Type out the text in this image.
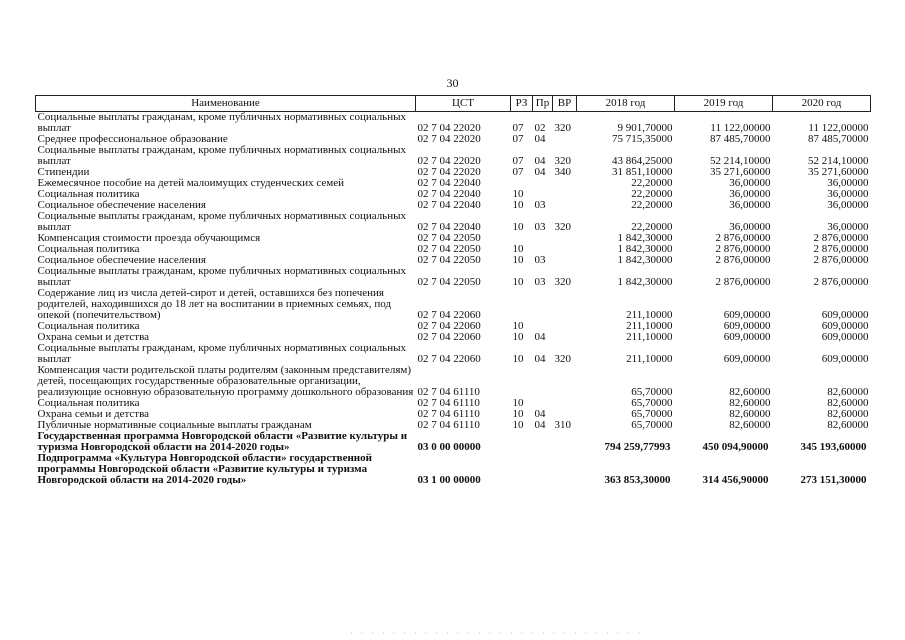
30
Наименование	ЦСТ	РЗ	Пр	ВР	2018 год	2019 год	2020 год
Социальные выплаты гражданам, кроме публичных нормативных социальных выплат	02 7 04 22020	07	02	320	9 901,70000	11 122,00000	11 122,00000
Среднее профессиональное образование	02 7 04 22020	07	04		75 715,35000	87 485,70000	87 485,70000
Социальные выплаты гражданам, кроме публичных нормативных социальных выплат	02 7 04 22020	07	04	320	43 864,25000	52 214,10000	52 214,10000
Стипендии	02 7 04 22020	07	04	340	31 851,10000	35 271,60000	35 271,60000
Ежемесячное пособие на детей малоимущих студенческих семей	02 7 04 22040				22,20000	36,00000	36,00000
Социальная политика	02 7 04 22040	10			22,20000	36,00000	36,00000
Социальное обеспечение населения	02 7 04 22040	10	03		22,20000	36,00000	36,00000
Социальные выплаты гражданам, кроме публичных нормативных социальных выплат	02 7 04 22040	10	03	320	22,20000	36,00000	36,00000
Компенсация стоимости проезда обучающимся	02 7 04 22050				1 842,30000	2 876,00000	2 876,00000
Социальная политика	02 7 04 22050	10			1 842,30000	2 876,00000	2 876,00000
Социальное обеспечение населения	02 7 04 22050	10	03		1 842,30000	2 876,00000	2 876,00000
Социальные выплаты гражданам, кроме публичных нормативных социальных выплат	02 7 04 22050	10	03	320	1 842,30000	2 876,00000	2 876,00000
Содержание лиц из числа детей-сирот и детей, оставшихся без попечения родителей, находившихся до 18 лет на воспитании в приемных семьях, под опекой (попечительством)	02 7 04 22060				211,10000	609,00000	609,00000
Социальная политика	02 7 04 22060	10			211,10000	609,00000	609,00000
Охрана семьи и детства	02 7 04 22060	10	04		211,10000	609,00000	609,00000
Социальные выплаты гражданам, кроме публичных нормативных социальных выплат	02 7 04 22060	10	04	320	211,10000	609,00000	609,00000
Компенсация части родительской платы родителям (законным представителям) детей, посещающих государственные образовательные организации, реализующие основную образовательную программу дошкольного образования	02 7 04 61110				65,70000	82,60000	82,60000
Социальная политика	02 7 04 61110	10			65,70000	82,60000	82,60000
Охрана семьи и детства	02 7 04 61110	10	04		65,70000	82,60000	82,60000
Публичные нормативные социальные выплаты гражданам	02 7 04 61110	10	04	310	65,70000	82,60000	82,60000
Государственная программа Новгородской области «Развитие культуры и туризма Новгородской области на 2014-2020 годы»	03 0 00 00000				794 259,77993	450 094,90000	345 193,60000
Подпрограмма «Культура Новгородской области» государственной программы Новгородской области «Развитие культуры и туризма Новгородской области на 2014-2020 годы»	03 1 00 00000				363 853,30000	314 456,90000	273 151,30000
· · · · · · · · · · · · · · · · · · · · · · · · · · · ·
